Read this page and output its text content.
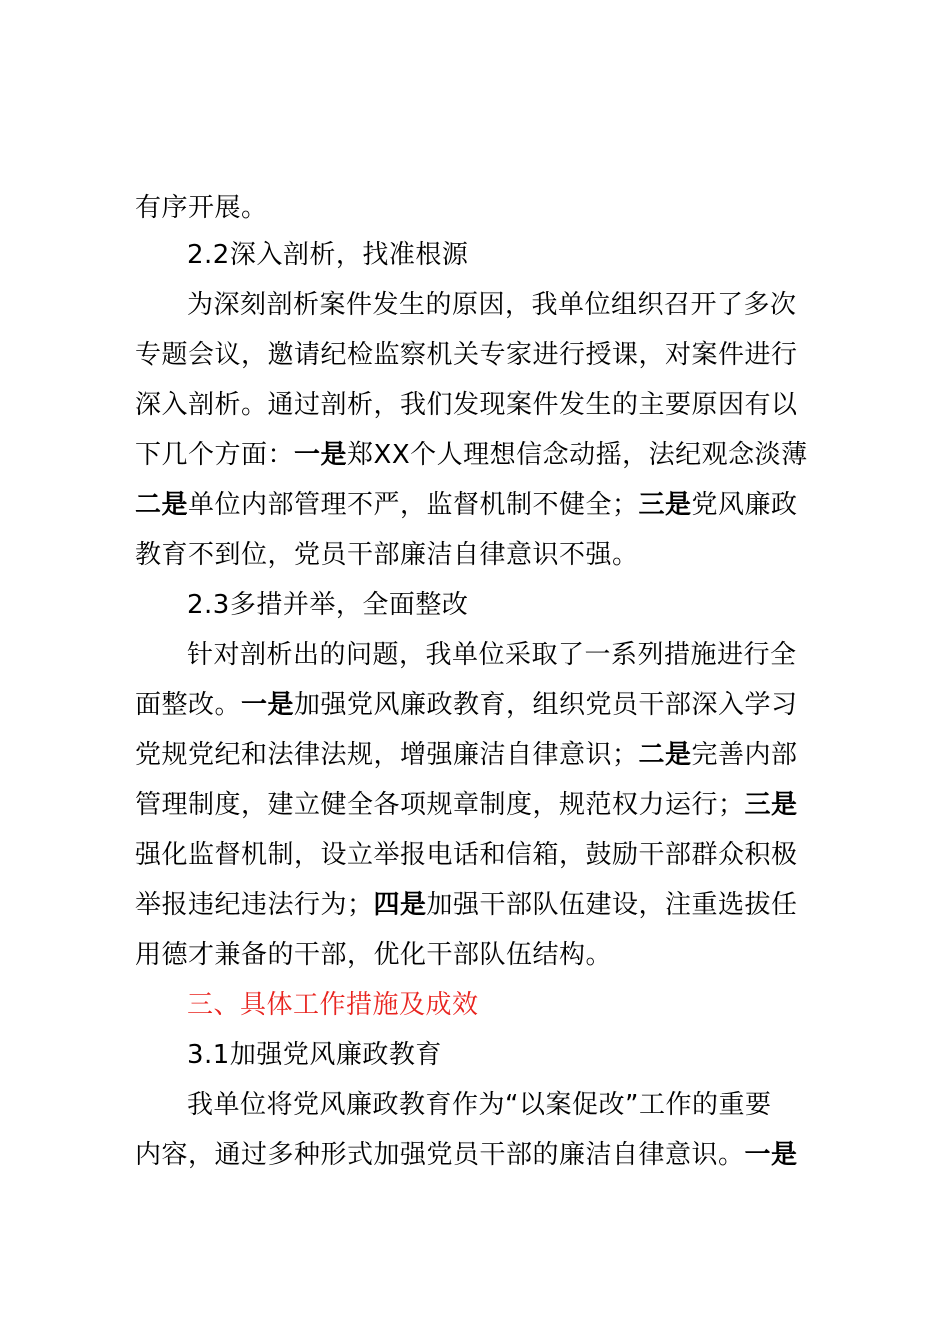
有序开展。
2.2深入剖析，找准根源
为深刻剖析案件发生的原因，我单位组织召开了多次
专题会议，邀请纪检监察机关专家进行授课，对案件进行
深入剖析。通过剖析，我们发现案件发生的主要原因有以
下几个方面：一是郑XX个人理想信念动摇，法纪观念淡薄
二是单位内部管理不严，监督机制不健全；三是党风廉政
教育不到位，党员干部廉洁自律意识不强。
2.3多措并举，全面整改
针对剖析出的问题，我单位采取了一系列措施进行全
面整改。一是加强党风廉政教育，组织党员干部深入学习
党规党纪和法律法规，增强廉洁自律意识；二是完善内部
管理制度，建立健全各项规章制度，规范权力运行；三是
强化监督机制，设立举报电话和信箱，鼓励干部群众积极
举报违纪违法行为；四是加强干部队伍建设，注重选拔任
用德才兼备的干部，优化干部队伍结构。
三、具体工作措施及成效
3.1加强党风廉政教育
我单位将党风廉政教育作为“以案促改”工作的重要
内容，通过多种形式加强党员干部的廉洁自律意识。一是
